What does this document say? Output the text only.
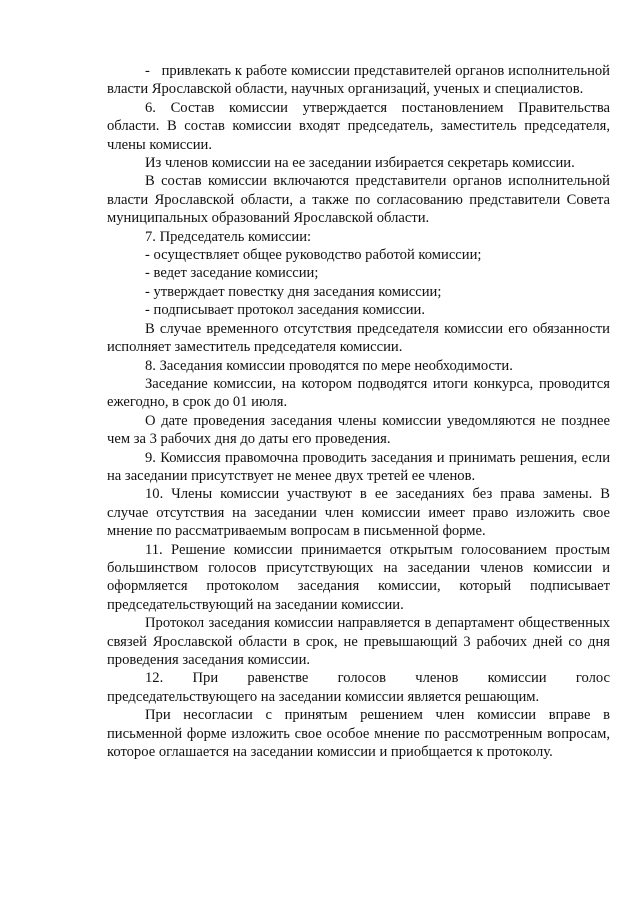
-   привлекать к работе комиссии представителей органов исполнительной власти Ярославской области, научных организаций, ученых и специалистов.

6. Состав комиссии утверждается постановлением Правительства области. В состав комиссии входят председатель, заместитель председателя, члены комиссии.

Из членов комиссии на ее заседании избирается секретарь комиссии.

В состав комиссии включаются представители органов исполнительной власти Ярославской области, а также по согласованию представители Совета муниципальных образований Ярославской области.

7. Председатель комиссии:

- осуществляет общее руководство работой комиссии;

- ведет заседание комиссии;

- утверждает повестку дня заседания комиссии;

- подписывает протокол заседания комиссии.

В случае временного отсутствия председателя комиссии его обязанности исполняет заместитель председателя комиссии.

8. Заседания комиссии проводятся по мере необходимости.

Заседание комиссии, на котором подводятся итоги конкурса, проводится ежегодно, в срок до 01 июля.

О дате проведения заседания члены комиссии уведомляются не позднее чем за 3 рабочих дня до даты его проведения.

9. Комиссия правомочна проводить заседания и принимать решения, если на заседании присутствует не менее двух третей ее членов.

10. Члены комиссии участвуют в ее заседаниях без права замены. В случае отсутствия на заседании член комиссии имеет право изложить свое мнение по рассматриваемым вопросам в письменной форме.

11. Решение комиссии принимается открытым голосованием простым большинством голосов присутствующих на заседании членов комиссии и оформляется протоколом заседания комиссии, который подписывает председательствующий на заседании комиссии.

Протокол заседания комиссии направляется в департамент общественных связей Ярославской области в срок, не превышающий 3 рабочих дней со дня проведения заседания комиссии.

12. При равенстве голосов членов комиссии голос председательствующего на заседании комиссии является решающим.

При несогласии с принятым решением член комиссии вправе в письменной форме изложить свое особое мнение по рассмотренным вопросам, которое оглашается на заседании комиссии и приобщается к протоколу.
